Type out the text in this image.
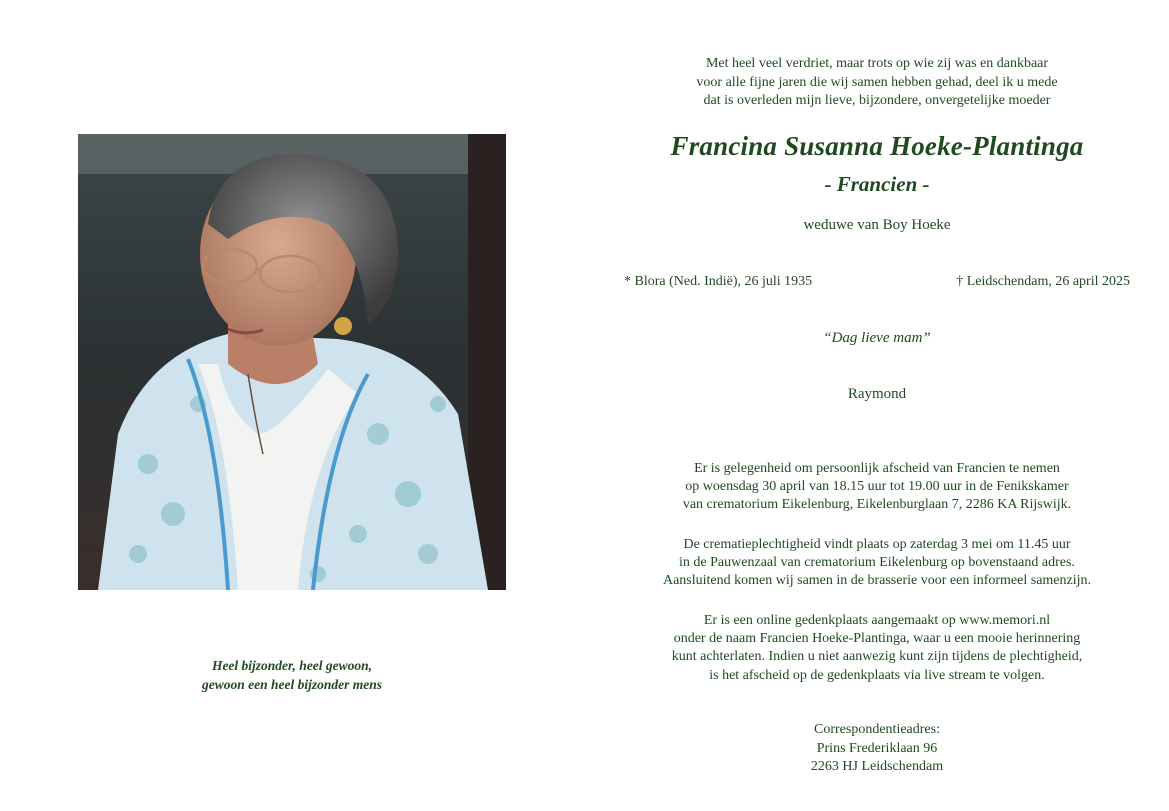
Heel bijzonder, heel gewoon,
gewoon een heel bijzonder mens
Met heel veel verdriet, maar trots op wie zij was en dankbaar
voor alle fijne jaren die wij samen hebben gehad, deel ik u mede
dat is overleden mijn lieve, bijzondere, onvergetelijke moeder
Francina Susanna Hoeke-Plantinga
- Francien -
weduwe van Boy Hoeke
* Blora (Ned. Indië), 26 juli 1935	† Leidschendam, 26 april 2025
“Dag lieve mam”
Raymond
Er is gelegenheid om persoonlijk afscheid van Francien te nemen
op woensdag 30 april van 18.15 uur tot 19.00 uur in de Fenikskamer
van crematorium Eikelenburg, Eikelenburglaan 7, 2286 KA Rijswijk.
De crematieplechtigheid vindt plaats op zaterdag 3 mei om 11.45 uur
in de Pauwenzaal van crematorium Eikelenburg op bovenstaand adres.
Aansluitend komen wij samen in de brasserie voor een informeel samenzijn.
Er is een online gedenkplaats aangemaakt op www.memori.nl
onder de naam Francien Hoeke-Plantinga, waar u een mooie herinnering
kunt achterlaten. Indien u niet aanwezig kunt zijn tijdens de plechtigheid,
is het afscheid op de gedenkplaats via live stream te volgen.
Correspondentieadres:
Prins Frederiklaan 96
2263 HJ Leidschendam
